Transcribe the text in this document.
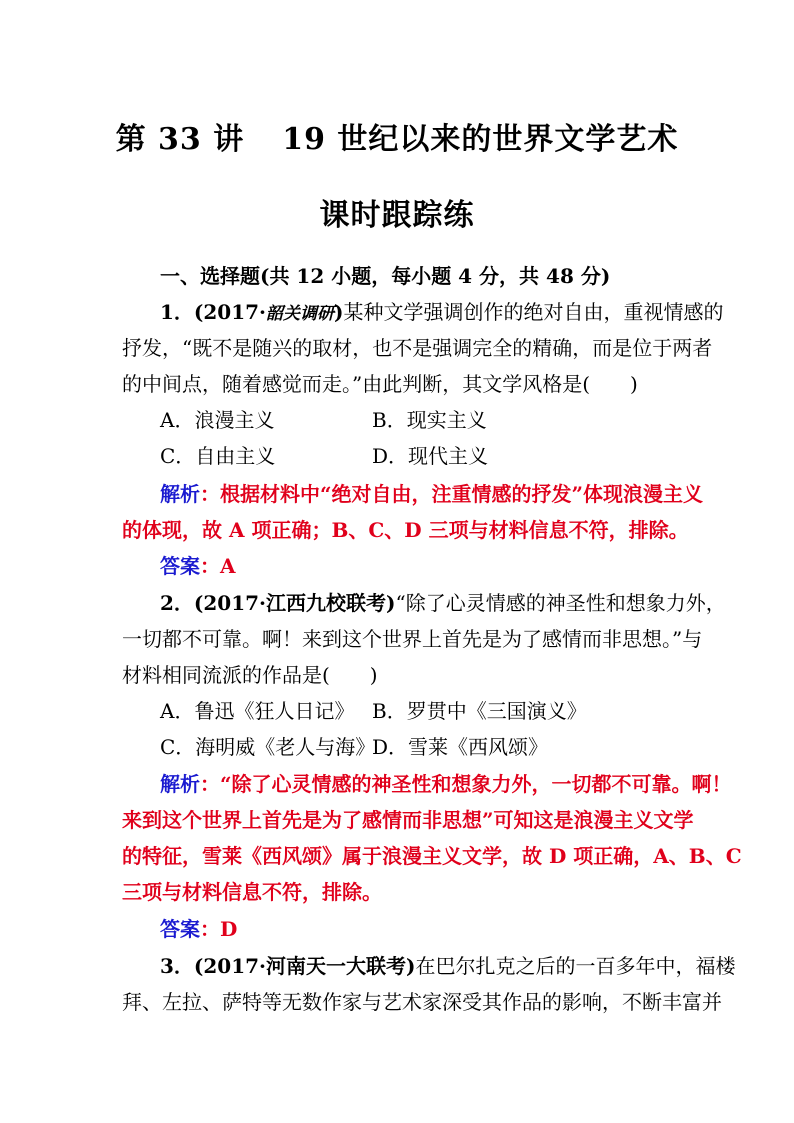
第 33 讲 19 世纪以来的世界文学艺术
课时跟踪练
一、选择题(共 12 小题，每小题 4 分，共 48 分)
1．(2017·韶关调研)某种文学强调创作的绝对自由，重视情感的
抒发，“既不是随兴的取材，也不是强调完全的精确，而是位于两者
的中间点，随着感觉而走。”由此判断，其文学风格是(　　)
A．浪漫主义	B．现实主义
C．自由主义	D．现代主义
解析：根据材料中“绝对自由，注重情感的抒发”体现浪漫主义
的体现，故 A 项正确；B、C、D 三项与材料信息不符，排除。
答案：A
2．(2017·江西九校联考)“除了心灵情感的神圣性和想象力外，
一切都不可靠。啊！来到这个世界上首先是为了感情而非思想。”与
材料相同流派的作品是(　　)
A．鲁迅《狂人日记》 B．罗贯中《三国演义》
C．海明威《老人与海》D．雪莱《西风颂》
解析：“除了心灵情感的神圣性和想象力外，一切都不可靠。啊！
来到这个世界上首先是为了感情而非思想”可知这是浪漫主义文学
的特征，雪莱《西风颂》属于浪漫主义文学，故 D 项正确，A、B、C
三项与材料信息不符，排除。
答案：D
3．(2017·河南天一大联考)在巴尔扎克之后的一百多年中，福楼
拜、左拉、萨特等无数作家与艺术家深受其作品的影响，不断丰富并
